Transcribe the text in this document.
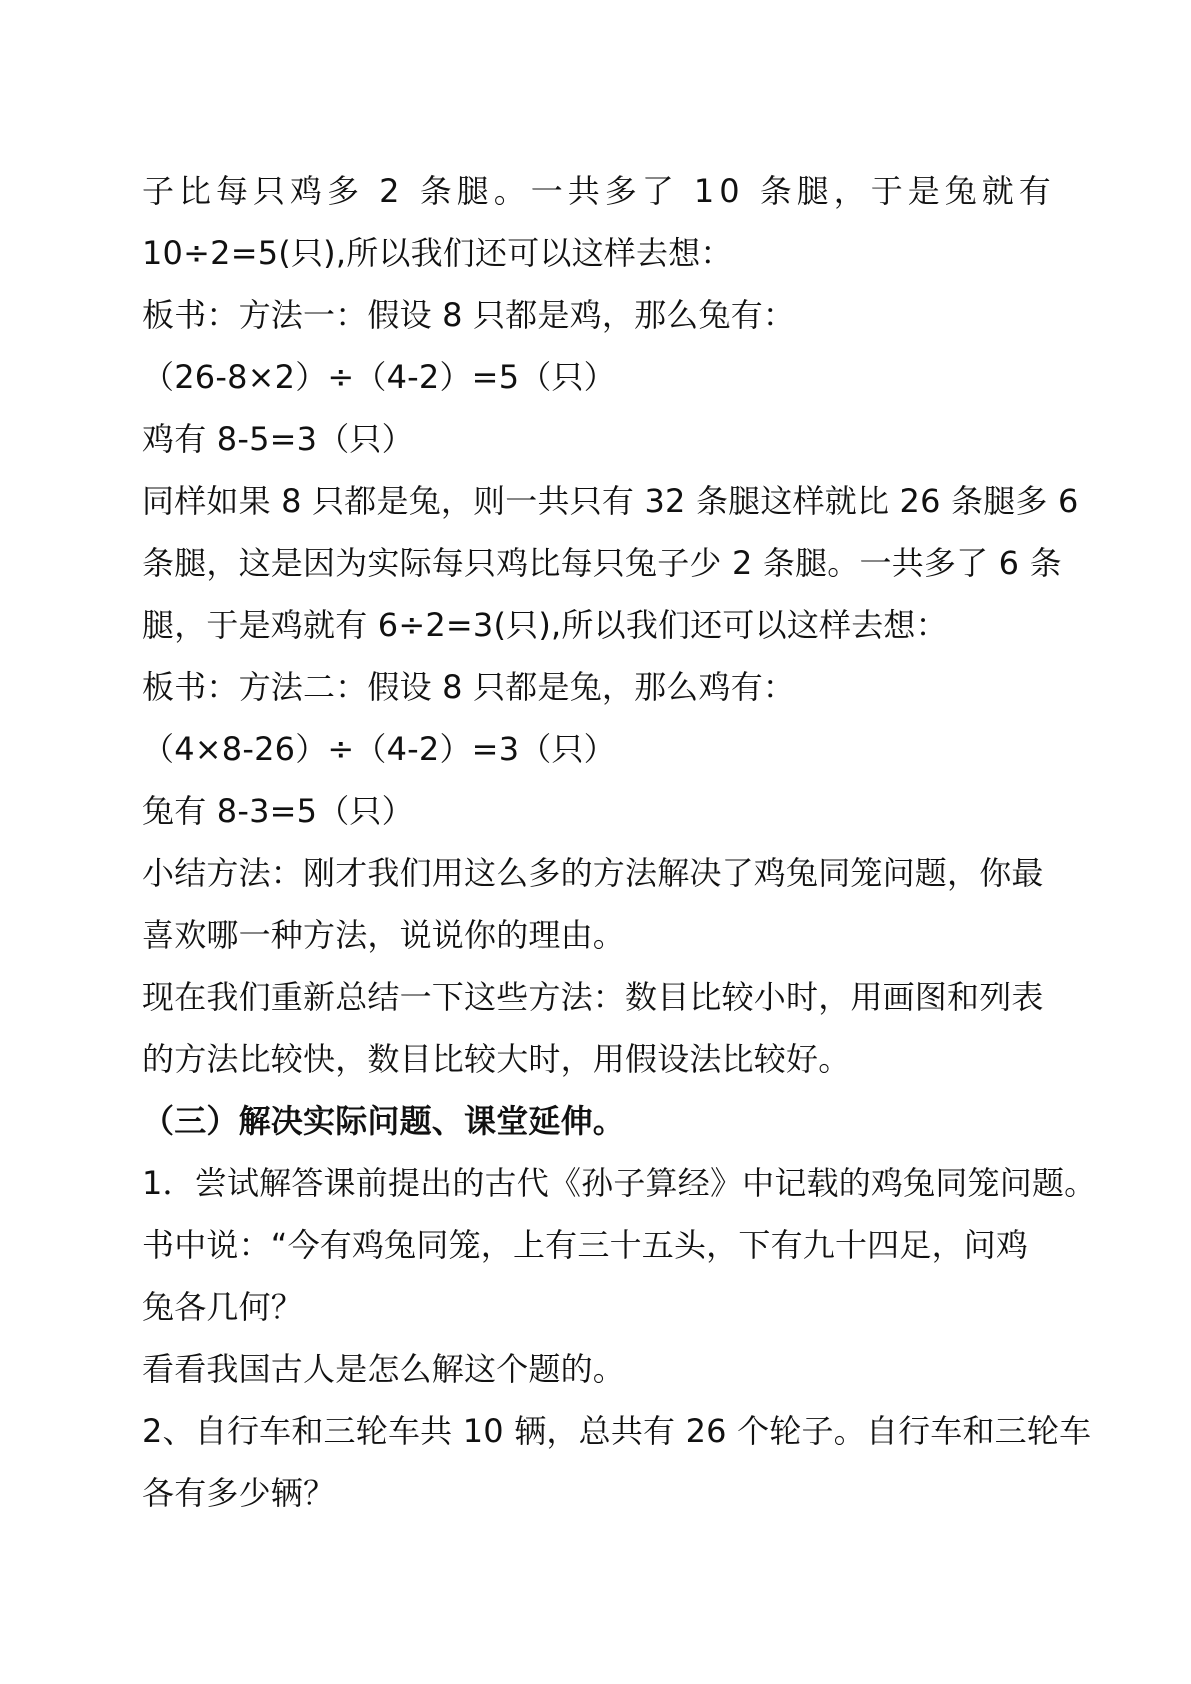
子比每只鸡多 2 条腿。一共多了 10 条腿，于是兔就有
10÷2=5(只),所以我们还可以这样去想：
板书：方法一：假设 8 只都是鸡，那么兔有：
（26-8×2）÷（4-2）=5（只）
鸡有 8-5=3（只）
同样如果 8 只都是兔，则一共只有 32 条腿这样就比 26 条腿多 6
条腿，这是因为实际每只鸡比每只兔子少 2 条腿。一共多了 6 条
腿，于是鸡就有 6÷2=3(只),所以我们还可以这样去想：
板书：方法二：假设 8 只都是兔，那么鸡有：
（4×8-26）÷（4-2）=3（只）
兔有 8-3=5（只）
小结方法：刚才我们用这么多的方法解决了鸡兔同笼问题，你最
喜欢哪一种方法，说说你的理由。
现在我们重新总结一下这些方法：数目比较小时，用画图和列表
的方法比较快，数目比较大时，用假设法比较好。
（三）解决实际问题、课堂延伸。
1．尝试解答课前提出的古代《孙子算经》中记载的鸡兔同笼问题。
书中说：“今有鸡兔同笼，上有三十五头，下有九十四足，问鸡
兔各几何？
看看我国古人是怎么解这个题的。
2、自行车和三轮车共 10 辆，总共有 26 个轮子。自行车和三轮车
各有多少辆？
